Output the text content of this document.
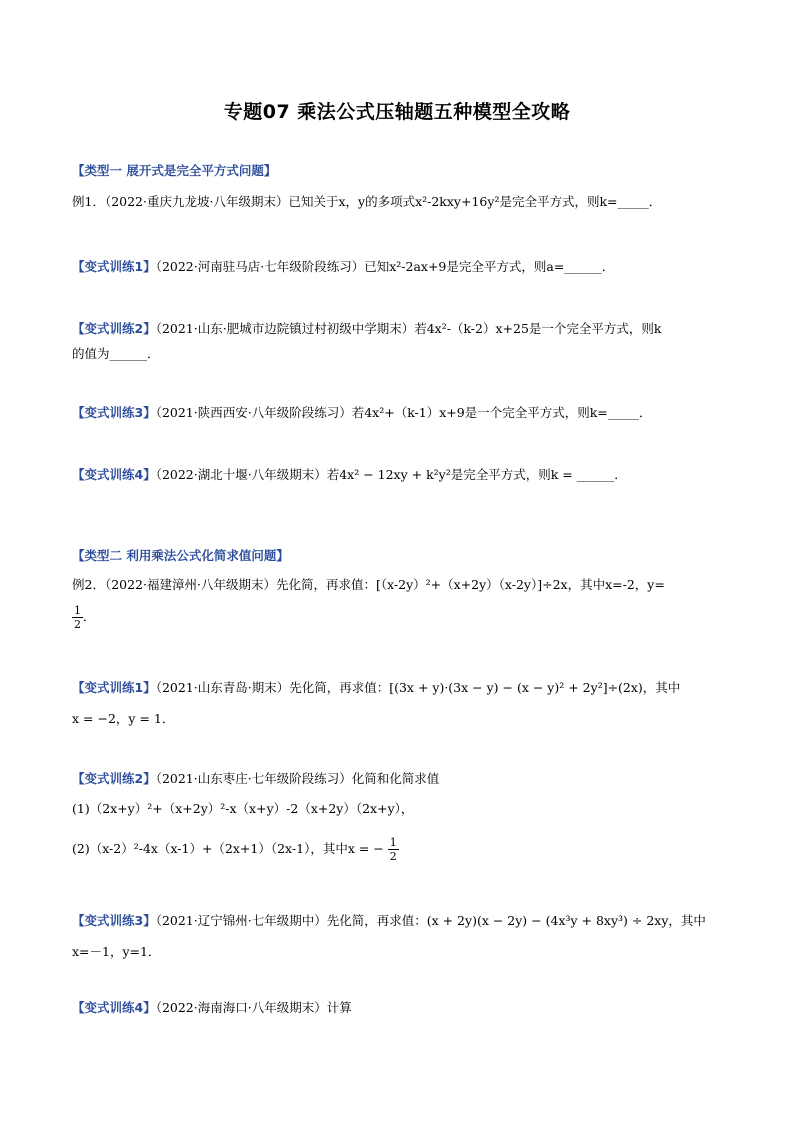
专题07 乘法公式压轴题五种模型全攻略
【类型一 展开式是完全平方式问题】
例1．（2022·重庆九龙坡·八年级期末）已知关于x，y的多项式x²-2kxy+16y²是完全平方式，则k=_____．
【变式训练1】（2022·河南驻马店·七年级阶段练习）已知x²-2ax+9是完全平方式，则a=______．
【变式训练2】（2021·山东·肥城市边院镇过村初级中学期末）若4x²-（k-2）x+25是一个完全平方式，则k
的值为______．
【变式训练3】（2021·陕西西安·八年级阶段练习）若4x²+（k-1）x+9是一个完全平方式，则k=_____．
【变式训练4】（2022·湖北十堰·八年级期末）若4x² − 12xy + k²y²是完全平方式，则k = ______．
【类型二 利用乘法公式化简求值问题】
例2．（2022·福建漳州·八年级期末）先化简，再求值：[（x-2y）²+（x+2y）（x-2y）]÷2x，其中x=-2，y=
$\frac{1}{2}$ ．
【变式训练1】（2021·山东青岛·期末）先化简，再求值：[(3x + y)·(3x − y) − (x − y)² + 2y²]÷(2x)，其中
x = −2，y = 1．
【变式训练2】（2021·山东枣庄·七年级阶段练习）化简和化简求值
(1)（2x+y）²+（x+2y）²-x（x+y）-2（x+2y）（2x+y），
(2)（x-2）²-4x（x-1）+（2x+1）（2x-1），其中x = − $\frac{1}{2}$
【变式训练3】（2021·辽宁锦州·七年级期中）先化简，再求值：(x + 2y)(x − 2y) − (4x³y + 8xy³) ÷ 2xy，其中
x=－1，y=1．
【变式训练4】（2022·海南海口·八年级期末）计算
